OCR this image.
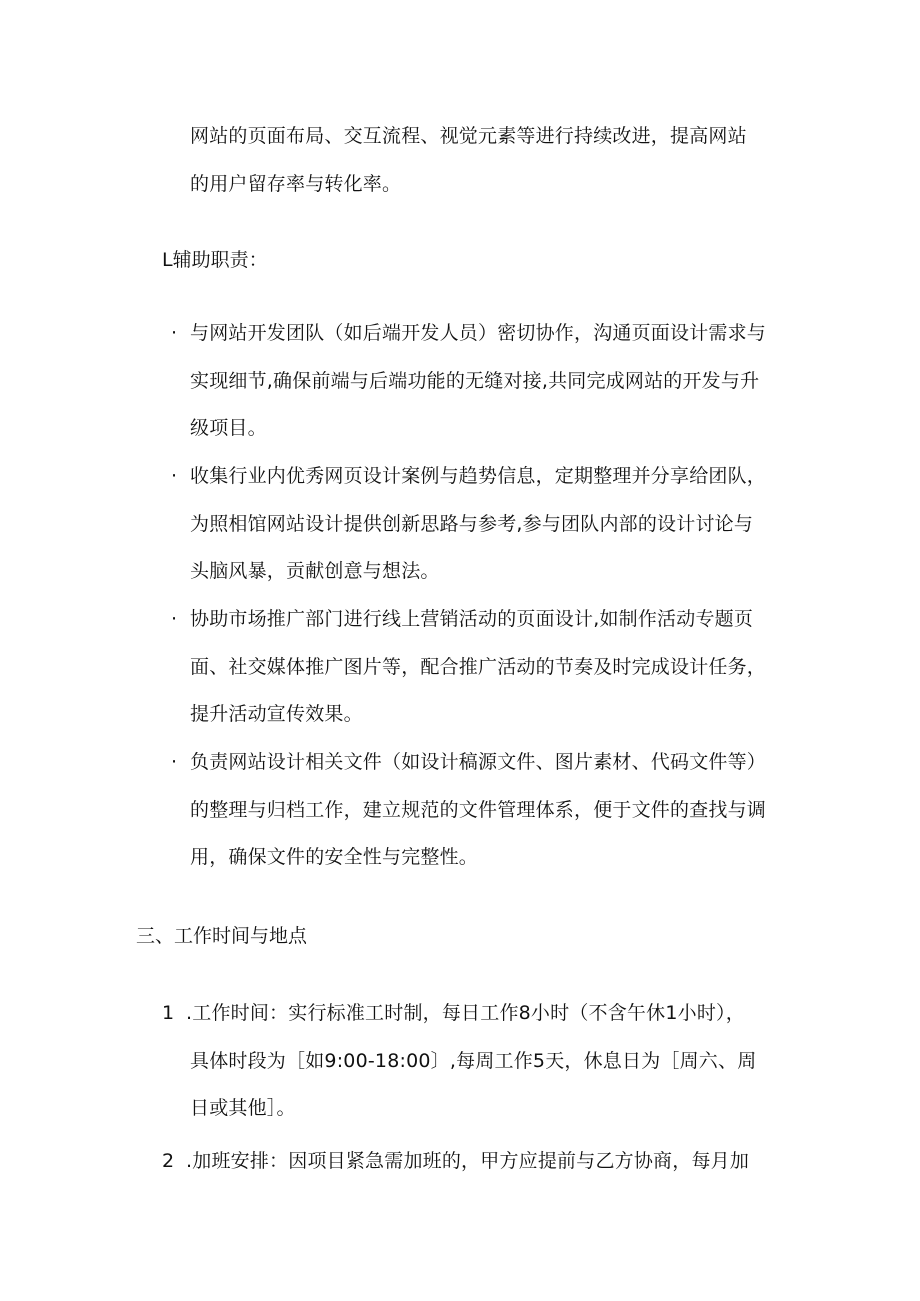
网站的页面布局、交互流程、视觉元素等进行持续改进，提高网站
的用户留存率与转化率。
L辅助职责：
· 与网站开发团队（如后端开发人员）密切协作，沟通页面设计需求与
实现细节,确保前端与后端功能的无缝对接,共同完成网站的开发与升
级项目。
· 收集行业内优秀网页设计案例与趋势信息，定期整理并分享给团队，
为照相馆网站设计提供创新思路与参考,参与团队内部的设计讨论与
头脑风暴，贡献创意与想法。
· 协助市场推广部门进行线上营销活动的页面设计,如制作活动专题页
面、社交媒体推广图片等，配合推广活动的节奏及时完成设计任务，
提升活动宣传效果。
· 负责网站设计相关文件（如设计稿源文件、图片素材、代码文件等）
的整理与归档工作，建立规范的文件管理体系，便于文件的查找与调
用，确保文件的安全性与完整性。
三、工作时间与地点
1 .工作时间：实行标准工时制，每日工作8小时（不含午休1小时），
具体时段为［如9:00-18:00〕,每周工作5天，休息日为［周六、周
日或其他］。
2 .加班安排：因项目紧急需加班的，甲方应提前与乙方协商，每月加
